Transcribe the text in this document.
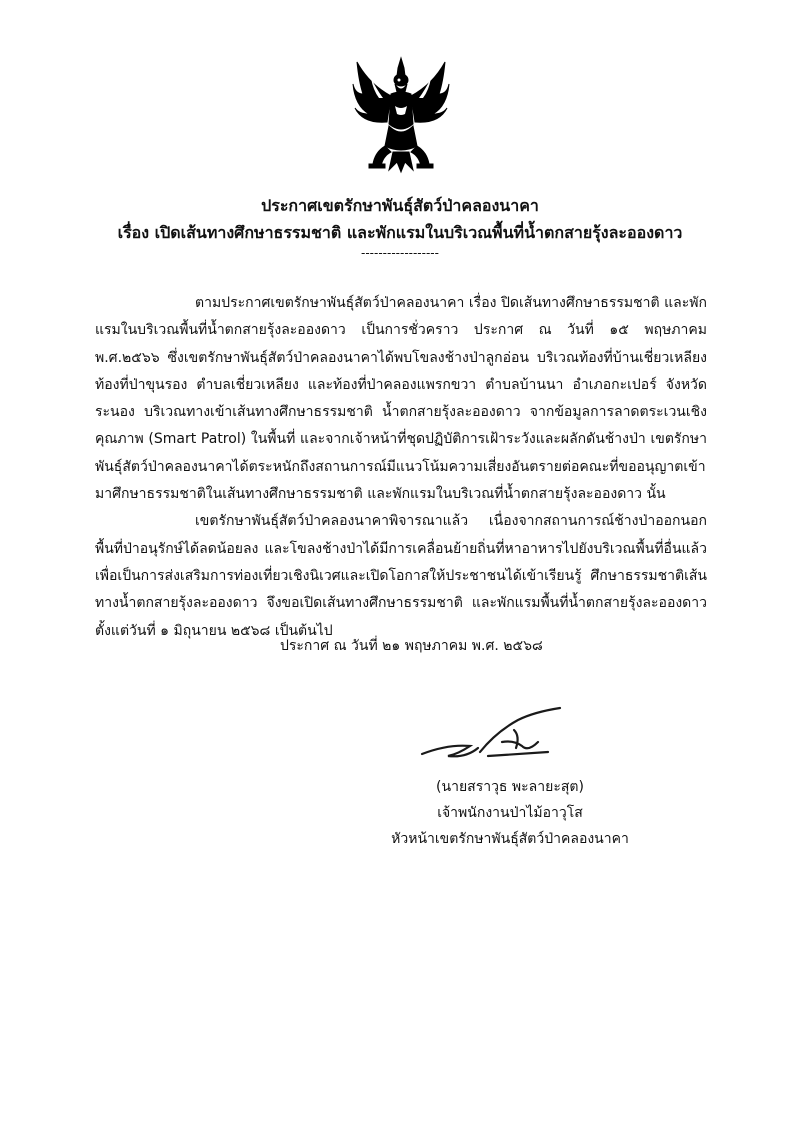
ประกาศเขตรักษาพันธุ์สัตว์ป่าคลองนาคา
เรื่อง เปิดเส้นทางศึกษาธรรมชาติ และพักแรมในบริเวณพื้นที่น้ำตกสายรุ้งละอองดาว
------------------

ตามประกาศเขตรักษาพันธุ์สัตว์ป่าคลองนาคา เรื่อง ปิดเส้นทางศึกษาธรรมชาติ และพักแรมในบริเวณพื้นที่น้ำตกสายรุ้งละอองดาว เป็นการชั่วคราว ประกาศ ณ วันที่ ๑๕ พฤษภาคม พ.ศ.๒๕๖๖ ซึ่งเขตรักษาพันธุ์สัตว์ป่าคลองนาคาได้พบโขลงช้างป่าลูกอ่อน บริเวณท้องที่บ้านเชี่ยวเหลียง ท้องที่ป่าขุนรอง ตำบลเชี่ยวเหลียง และท้องที่ป่าคลองแพรกขวา ตำบลบ้านนา อำเภอกะเปอร์ จังหวัดระนอง บริเวณทางเข้าเส้นทางศึกษาธรรมชาติ น้ำตกสายรุ้งละอองดาว จากข้อมูลการลาดตระเวนเชิงคุณภาพ (Smart Patrol) ในพื้นที่ และจากเจ้าหน้าที่ชุดปฏิบัติการเฝ้าระวังและผลักดันช้างป่า เขตรักษาพันธุ์สัตว์ป่าคลองนาคาได้ตระหนักถึงสถานการณ์มีแนวโน้มความเสี่ยงอันตรายต่อคณะที่ขออนุญาตเข้ามาศึกษาธรรมชาติในเส้นทางศึกษาธรรมชาติ และพักแรมในบริเวณที่น้ำตกสายรุ้งละอองดาว นั้น

เขตรักษาพันธุ์สัตว์ป่าคลองนาคาพิจารณาแล้ว เนื่องจากสถานการณ์ช้างป่าออกนอกพื้นที่ป่าอนุรักษ์ได้ลดน้อยลง และโขลงช้างป่าได้มีการเคลื่อนย้ายถิ่นที่หาอาหารไปยังบริเวณพื้นที่อื่นแล้ว เพื่อเป็นการส่งเสริมการท่องเที่ยวเชิงนิเวศและเปิดโอกาสให้ประชาชนได้เข้าเรียนรู้ ศึกษาธรรมชาติเส้นทางน้ำตกสายรุ้งละอองดาว จึงขอเปิดเส้นทางศึกษาธรรมชาติ และพักแรมพื้นที่น้ำตกสายรุ้งละอองดาว ตั้งแต่วันที่ ๑ มิถุนายน ๒๕๖๘ เป็นต้นไป

ประกาศ ณ วันที่ ๒๑ พฤษภาคม พ.ศ. ๒๕๖๘
(นายสราวุธ พะลายะสุต)
เจ้าพนักงานป่าไม้อาวุโส
หัวหน้าเขตรักษาพันธุ์สัตว์ป่าคลองนาคา
